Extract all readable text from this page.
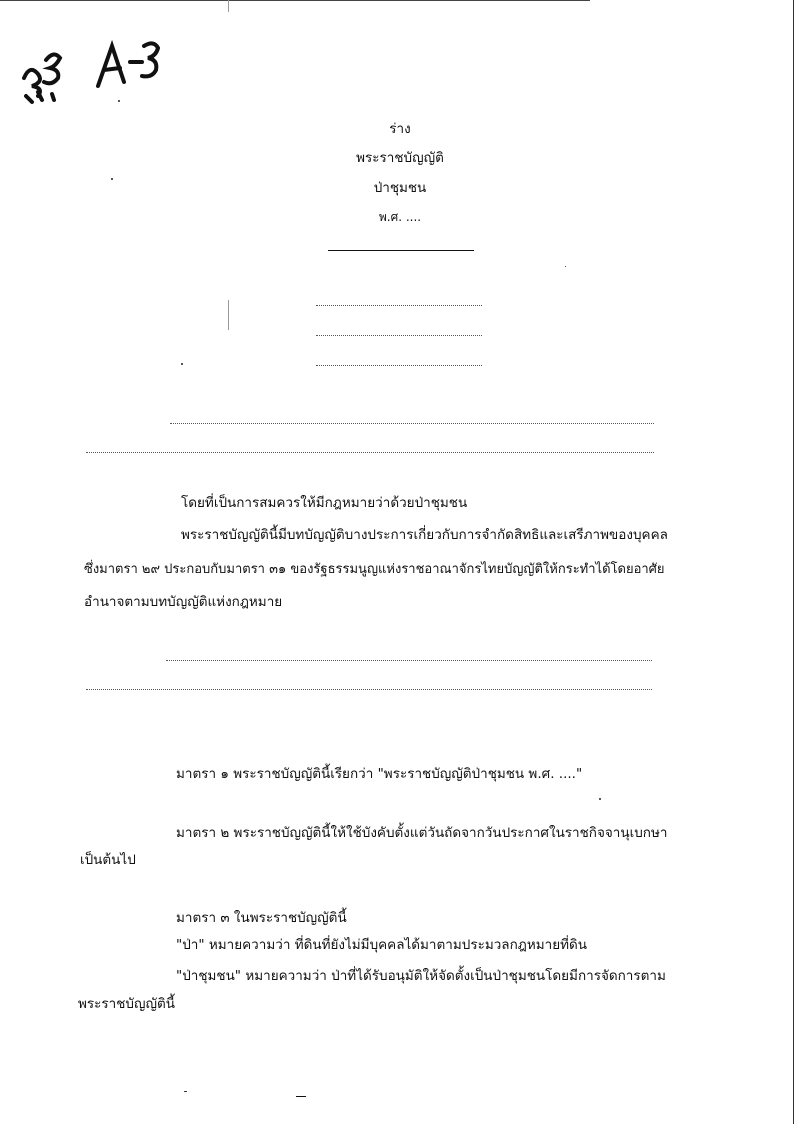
ร่าง
พระราชบัญญัติ
ป่าชุมชน
พ.ศ. ....
โดยที่เป็นการสมควรให้มีกฎหมายว่าด้วยป่าชุมชน
พระราชบัญญัตินี้มีบทบัญญัติบางประการเกี่ยวกับการจำกัดสิทธิและเสรีภาพของบุคคล
ซึ่งมาตรา ๒๙ ประกอบกับมาตรา ๓๑ ของรัฐธรรมนูญแห่งราชอาณาจักรไทยบัญญัติให้กระทำได้โดยอาศัย
อำนาจตามบทบัญญัติแห่งกฎหมาย
มาตรา ๑ พระราชบัญญัตินี้เรียกว่า "พระราชบัญญัติป่าชุมชน พ.ศ. ...."
มาตรา ๒ พระราชบัญญัตินี้ให้ใช้บังคับตั้งแต่วันถัดจากวันประกาศในราชกิจจานุเบกษา
เป็นต้นไป
มาตรา ๓ ในพระราชบัญญัตินี้
"ป่า" หมายความว่า ที่ดินที่ยังไม่มีบุคคลได้มาตามประมวลกฎหมายที่ดิน
"ป่าชุมชน" หมายความว่า ป่าที่ได้รับอนุมัติให้จัดตั้งเป็นป่าชุมชนโดยมีการจัดการตาม
พระราชบัญญัตินี้
